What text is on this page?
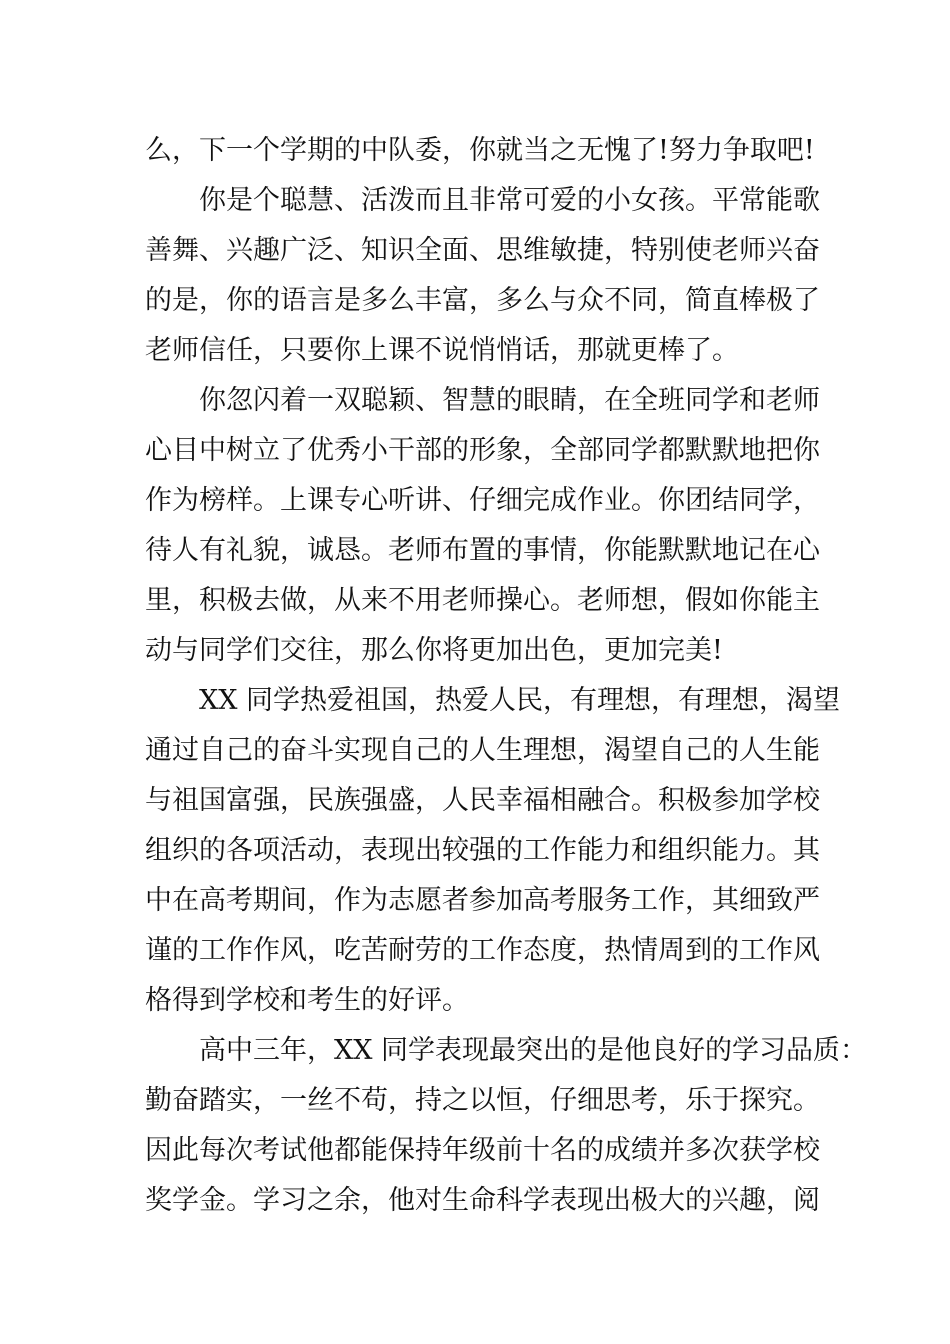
么，下一个学期的中队委，你就当之无愧了!努力争取吧!
你是个聪慧、活泼而且非常可爱的小女孩。平常能歌
善舞、兴趣广泛、知识全面、思维敏捷，特别使老师兴奋
的是，你的语言是多么丰富，多么与众不同，简直棒极了
老师信任，只要你上课不说悄悄话，那就更棒了。
你忽闪着一双聪颖、智慧的眼睛，在全班同学和老师
心目中树立了优秀小干部的形象，全部同学都默默地把你
作为榜样。上课专心听讲、仔细完成作业。你团结同学，
待人有礼貌，诚恳。老师布置的事情，你能默默地记在心
里，积极去做，从来不用老师操心。老师想，假如你能主
动与同学们交往，那么你将更加出色，更加完美!
XX 同学热爱祖国，热爱人民，有理想，有理想，渴望
通过自己的奋斗实现自己的人生理想，渴望自己的人生能
与祖国富强，民族强盛，人民幸福相融合。积极参加学校
组织的各项活动，表现出较强的工作能力和组织能力。其
中在高考期间，作为志愿者参加高考服务工作，其细致严
谨的工作作风，吃苦耐劳的工作态度，热情周到的工作风
格得到学校和考生的好评。
高中三年，XX 同学表现最突出的是他良好的学习品质：
勤奋踏实，一丝不苟，持之以恒，仔细思考，乐于探究。
因此每次考试他都能保持年级前十名的成绩并多次获学校
奖学金。学习之余，他对生命科学表现出极大的兴趣，阅
